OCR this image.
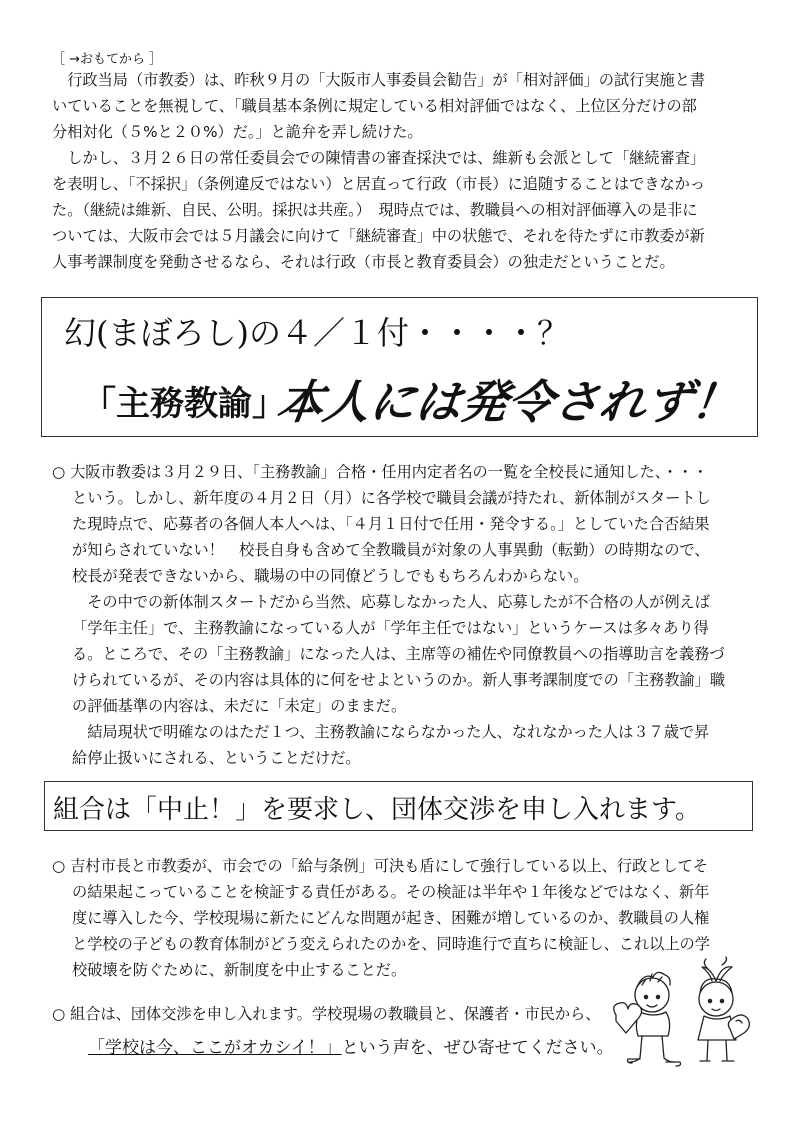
［ →おもてから ］
　行政当局（市教委）は、昨秋９月の「大阪市人事委員会勧告」が「相対評価」の試行実施と書
いていることを無視して、「職員基本条例に規定している相対評価ではなく、上位区分だけの部
分相対化（５%と２０%）だ。」と詭弁を弄し続けた。
　しかし、３月２６日の常任委員会での陳情書の審査採決では、維新も会派として「継続審査」
を表明し、「不採択」（条例違反ではない）と居直って行政（市長）に追随することはできなかっ
た。（継続は維新、自民、公明。採択は共産。）　現時点では、教職員への相対評価導入の是非に
ついては、大阪市会では５月議会に向けて「継続審査」中の状態で、それを待たずに市教委が新
人事考課制度を発動させるなら、それは行政（市長と教育委員会）の独走だということだ。
幻(まぼろし)の４／１付・・・・？
「主務教諭」
本人には発令されず！
○ 大阪市教委は３月２９日、「主務教諭」合格・任用内定者名の一覧を全校長に通知した、・・・
　 という。しかし、新年度の４月２日（月）に各学校で職員会議が持たれ、新体制がスタートし
　 た現時点で、応募者の各個人本人へは、「４月１日付で任用・発令する。」としていた合否結果
　 が知らされていない！　校長自身も含めて全教職員が対象の人事異動（転勤）の時期なので、
　 校長が発表できないから、職場の中の同僚どうしでももちろんわからない。
　　 その中での新体制スタートだから当然、応募しなかった人、応募したが不合格の人が例えば
　 「学年主任」で、主務教諭になっている人が「学年主任ではない」というケースは多々あり得
　 る。ところで、その「主務教諭」になった人は、主席等の補佐や同僚教員への指導助言を義務づ
　 けられているが、その内容は具体的に何をせよというのか。新人事考課制度での「主務教諭」職
　 の評価基準の内容は、未だに「未定」のままだ。
　　 結局現状で明確なのはただ１つ、主務教諭にならなかった人、なれなかった人は３７歳で昇
　 給停止扱いにされる、ということだけだ。
組合は「中止！」を要求し、団体交渉を申し入れます。
○ 吉村市長と市教委が、市会での「給与条例」可決も盾にして強行している以上、行政としてそ
　 の結果起こっていることを検証する責任がある。その検証は半年や１年後などではなく、新年
　 度に導入した今、学校現場に新たにどんな問題が起き、困難が増しているのか、教職員の人権
　 と学校の子どもの教育体制がどう変えられたのかを、同時進行で直ちに検証し、これ以上の学
　 校破壊を防ぐために、新制度を中止することだ。
○ 組合は、団体交渉を申し入れます。学校現場の教職員と、保護者・市民から、
「学校は今、ここがオカシイ！」という声を、ぜひ寄せてください。
